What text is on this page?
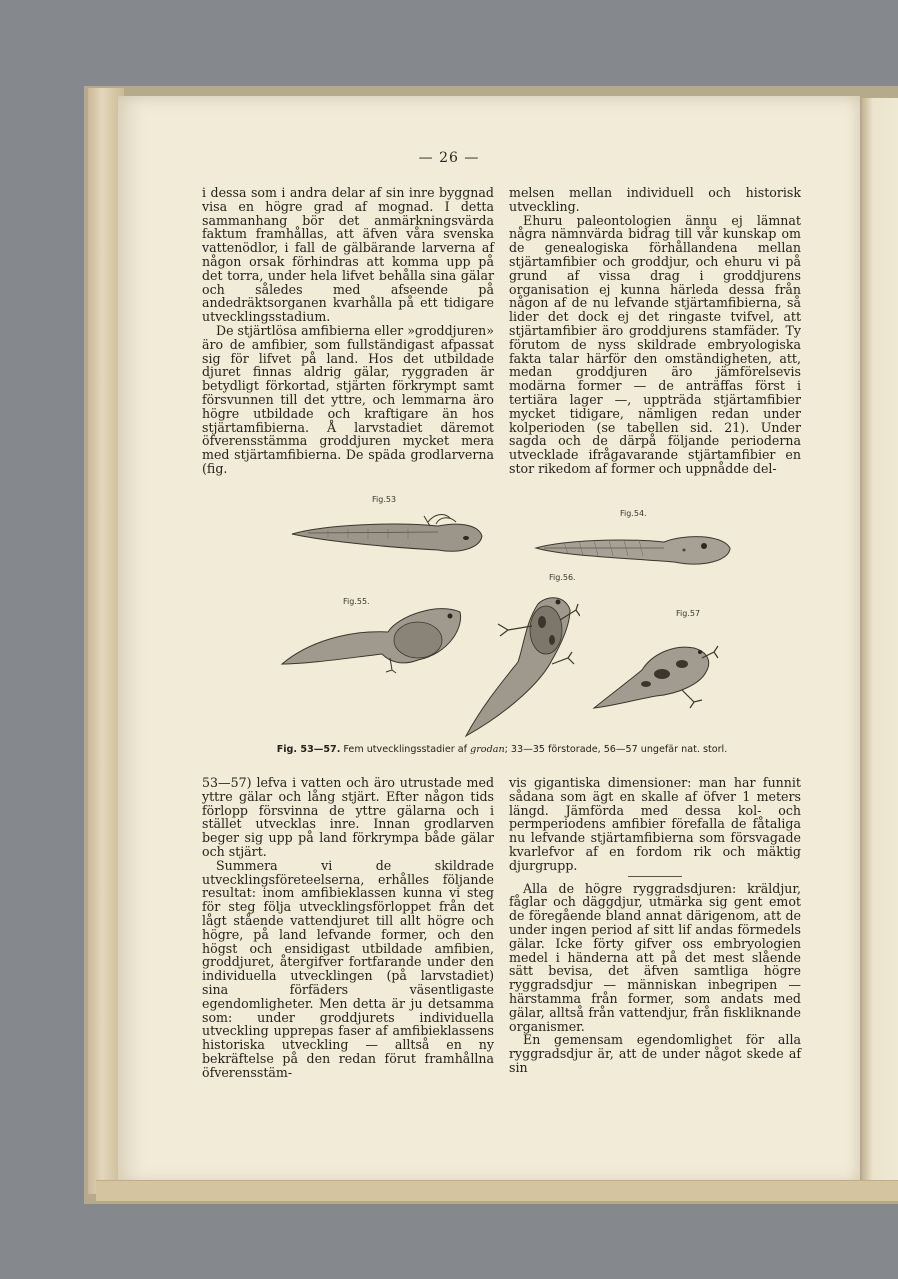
— 26 —

i dessa som i andra delar af sin inre byggnad visa en högre grad af mognad. I detta sammanhang bör det anmärkningsvärda faktum framhållas, att äfven våra svenska vattenödlor, i fall de gälbärande larverna af någon orsak förhindras att komma upp på det torra, under hela lifvet behålla sina gälar och således med afseende på andedräktsorganen kvarhålla på ett tidigare utvecklingsstadium.

De stjärtlösa amfibierna eller »groddjuren» äro de amfibier, som fullständigast afpassat sig för lifvet på land. Hos det utbildade djuret finnas aldrig gälar, ryggraden är betydligt förkortad, stjärten förkrympt samt försvunnen till det yttre, och lemmarna äro högre utbildade och kraftigare än hos stjärtamfibierna. Å larvstadiet däremot öfverensstämma groddjuren mycket mera med stjärtamfibierna. De späda grodlarverna (fig.

melsen mellan individuell och historisk utveckling.

Ehuru paleontologien ännu ej lämnat några nämnvärda bidrag till vår kunskap om de genealogiska förhållandena mellan stjärtamfibier och groddjur, och ehuru vi på grund af vissa drag i groddjurens organisation ej kunna härleda dessa från någon af de nu lefvande stjärtamfibierna, så lider det dock ej det ringaste tvifvel, att stjärtamfibier äro groddjurens stamfäder. Ty förutom de nyss skildrade embryologiska fakta talar härför den omständigheten, att, medan groddjuren äro jämförelsevis modärna former — de anträffas först i tertiära lager —, uppträda stjärtamfibier mycket tidigare, nämligen redan under kolperioden (se tabellen sid. 21). Under sagda och de därpå följande perioderna utvecklade ifrågavarande stjärtamfibier en stor rikedom af former och uppnådde del-

Fig.53
Fig.54.
Fig.55.
Fig.56.
Fig.57
Fig. 53—57. Fem utvecklingsstadier af grodan; 33—35 förstorade, 56—57 ungefär nat. storl.

53—57) lefva i vatten och äro utrustade med yttre gälar och lång stjärt. Efter någon tids förlopp försvinna de yttre gälarna och i stället utvecklas inre. Innan grodlarven beger sig upp på land förkrympa både gälar och stjärt.

Summera vi de skildrade utvecklingsföreteelserna, erhålles följande resultat: inom amfibieklassen kunna vi steg för steg följa utvecklingsförloppet från det lågt stående vattendjuret till allt högre och högre, på land lefvande former, och den högst och ensidigast utbildade amfibien, groddjuret, återgifver fortfarande under den individuella utvecklingen (på larvstadiet) sina förfäders väsentligaste egendomligheter. Men detta är ju detsamma som: under groddjurets individuella utveckling upprepas faser af amfibieklassens historiska utveckling — alltså en ny bekräftelse på den redan förut framhållna öfverensstäm-

vis gigantiska dimensioner: man har funnit sådana som ägt en skalle af öfver 1 meters längd. Jämförda med dessa kol- och permperiodens amfibier förefalla de fåtaliga nu lefvande stjärtamfibierna som försvagade kvarlefvor af en fordom rik och mäktig djurgrupp.

Alla de högre ryggradsdjuren: kräldjur, fåglar och däggdjur, utmärka sig gent emot de föregående bland annat därigenom, att de under ingen period af sitt lif andas förmedels gälar. Icke förty gifver oss embryologien medel i händerna att på det mest slående sätt bevisa, det äfven samtliga högre ryggradsdjur — människan inbegripen — härstamma från former, som andats med gälar, alltså från vattendjur, från fiskliknande organismer.

En gemensam egendomlighet för alla ryggradsdjur är, att de under något skede af sin
